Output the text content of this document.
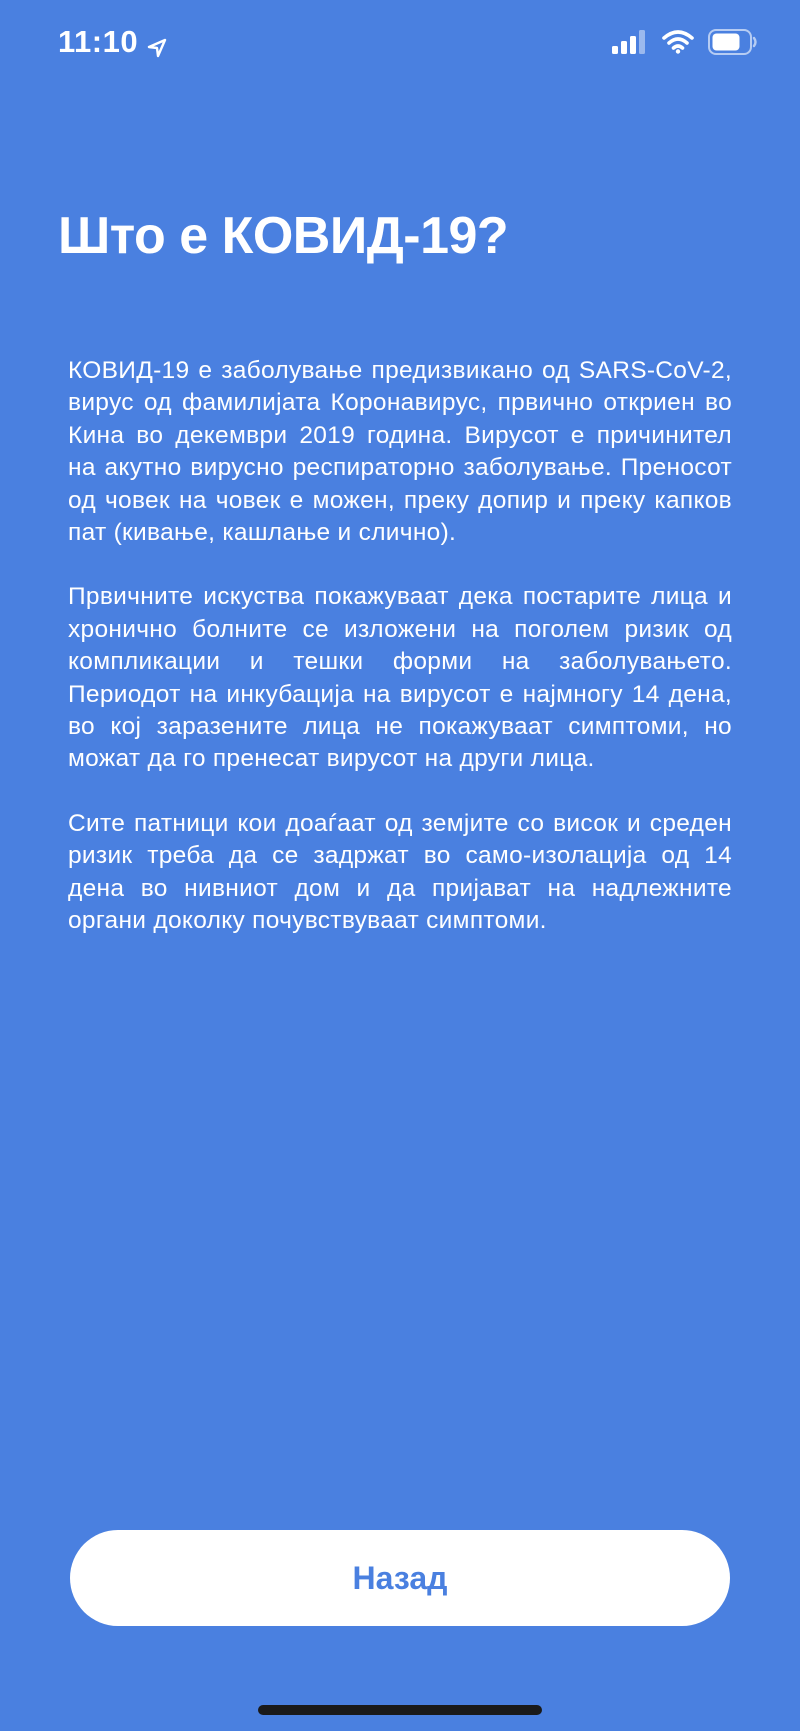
11:10
Што е КОВИД-19?

КОВИД-19 е заболување предизвикано од SARS-CoV-2, вирус од фамилијата Коронавирус, првично откриен во Кина во декември 2019 година. Вирусот е причинител на акутно вирусно респираторно заболување. Преносот од човек на човек е можен, преку допир и преку капков пат (кивање, кашлање и слично).

Првичните искуства покажуваат дека постарите лица и хронично болните се изложени на поголем ризик од компликации и тешки форми на заболувањето. Периодот на инкубација на вирусот е најмногу 14 дена, во кој заразените лица не покажуваат симптоми, но можат да го пренесат вирусот на други лица.

Сите патници кои доаѓаат од земјите со висок и среден ризик треба да се задржат во само-изолација од 14 дена во нивниот дом и да пријават на надлежните органи доколку почувствуваат симптоми.

Назад
